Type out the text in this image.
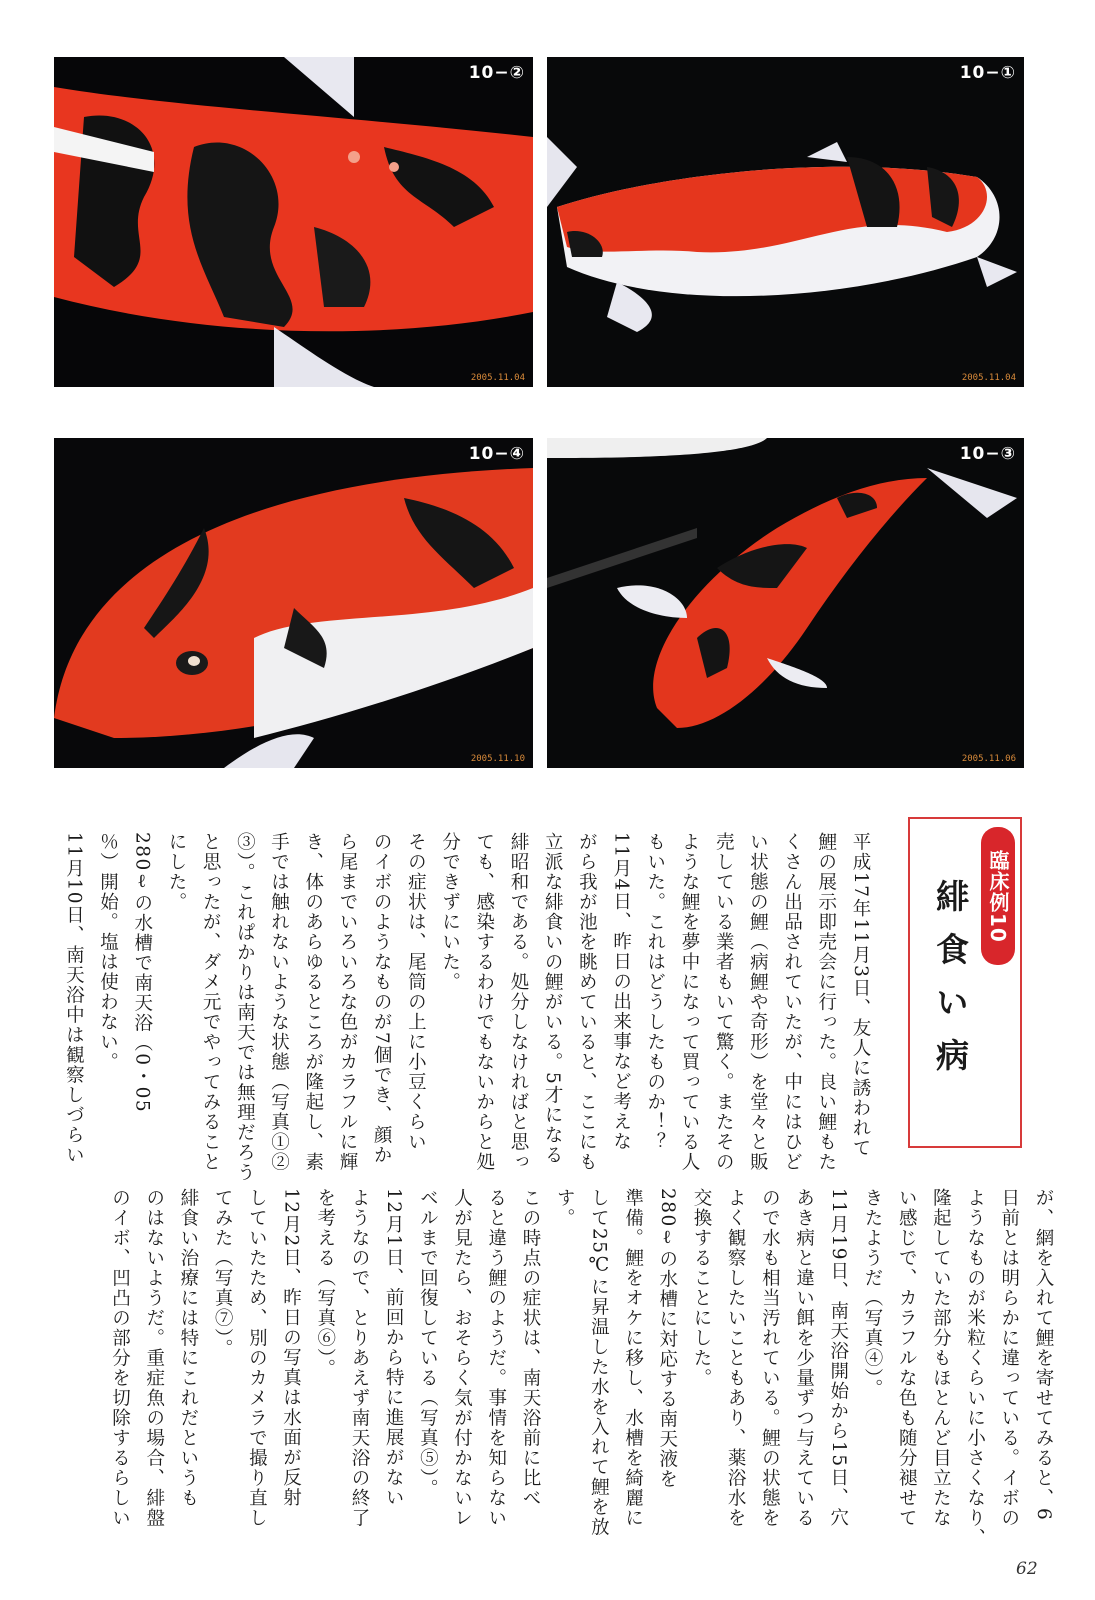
10−②
2005.11.04
10−①
2005.11.04
10−④
2005.11.10
10−③
2005.11.06
臨床例10
緋食い病

平成17年11月3日、友人に誘われて

鯉の展示即売会に行った。良い鯉もた

くさん出品されていたが、中にはひど

い状態の鯉（病鯉や奇形）を堂々と販

売している業者もいて驚く。またその

ような鯉を夢中になって買っている人

もいた。これはどうしたものか！？

11月4日、昨日の出来事など考えな

がら我が池を眺めていると、ここにも

立派な緋食いの鯉がいる。5才になる

緋昭和である。処分しなければと思っ

ても、感染するわけでもないからと処

分できずにいた。

その症状は、尾筒の上に小豆くらい

のイボのようなものが7個でき、顔か

ら尾までいろいろな色がカラフルに輝

き、体のあらゆるところが隆起し、素

手では触れないような状態（写真①②

③）。これぱかりは南天では無理だろう

と思ったが、ダメ元でやってみること

にした。

280ℓの水槽で南天浴（0・05

％）開始。塩は使わない。

11月10日、南天浴中は観察しづらい

が、網を入れて鯉を寄せてみると、6

日前とは明らかに違っている。イボの

ようなものが米粒くらいに小さくなり、

隆起していた部分もほとんど目立たな

い感じで、カラフルな色も随分褪せて

きたようだ（写真④）。

11月19日、南天浴開始から15日、穴

あき病と違い餌を少量ずつ与えている

ので水も相当汚れている。鯉の状態を

よく観察したいこともあり、薬浴水を

交換することにした。

280ℓの水槽に対応する南天液を

準備。鯉をオケに移し、水槽を綺麗に

して25℃に昇温した水を入れて鯉を放

す。

この時点の症状は、南天浴前に比べ

ると違う鯉のようだ。事情を知らない

人が見たら、おそらく気が付かないレ

ベルまで回復している（写真⑤）。

12月1日、前回から特に進展がない

ようなので、とりあえず南天浴の終了

を考える（写真⑥）。

12月2日、昨日の写真は水面が反射

していたため、別のカメラで撮り直し

てみた（写真⑦）。

緋食い治療には特にこれだというも

のはないようだ。重症魚の場合、緋盤

のイボ、凹凸の部分を切除するらしい

62
